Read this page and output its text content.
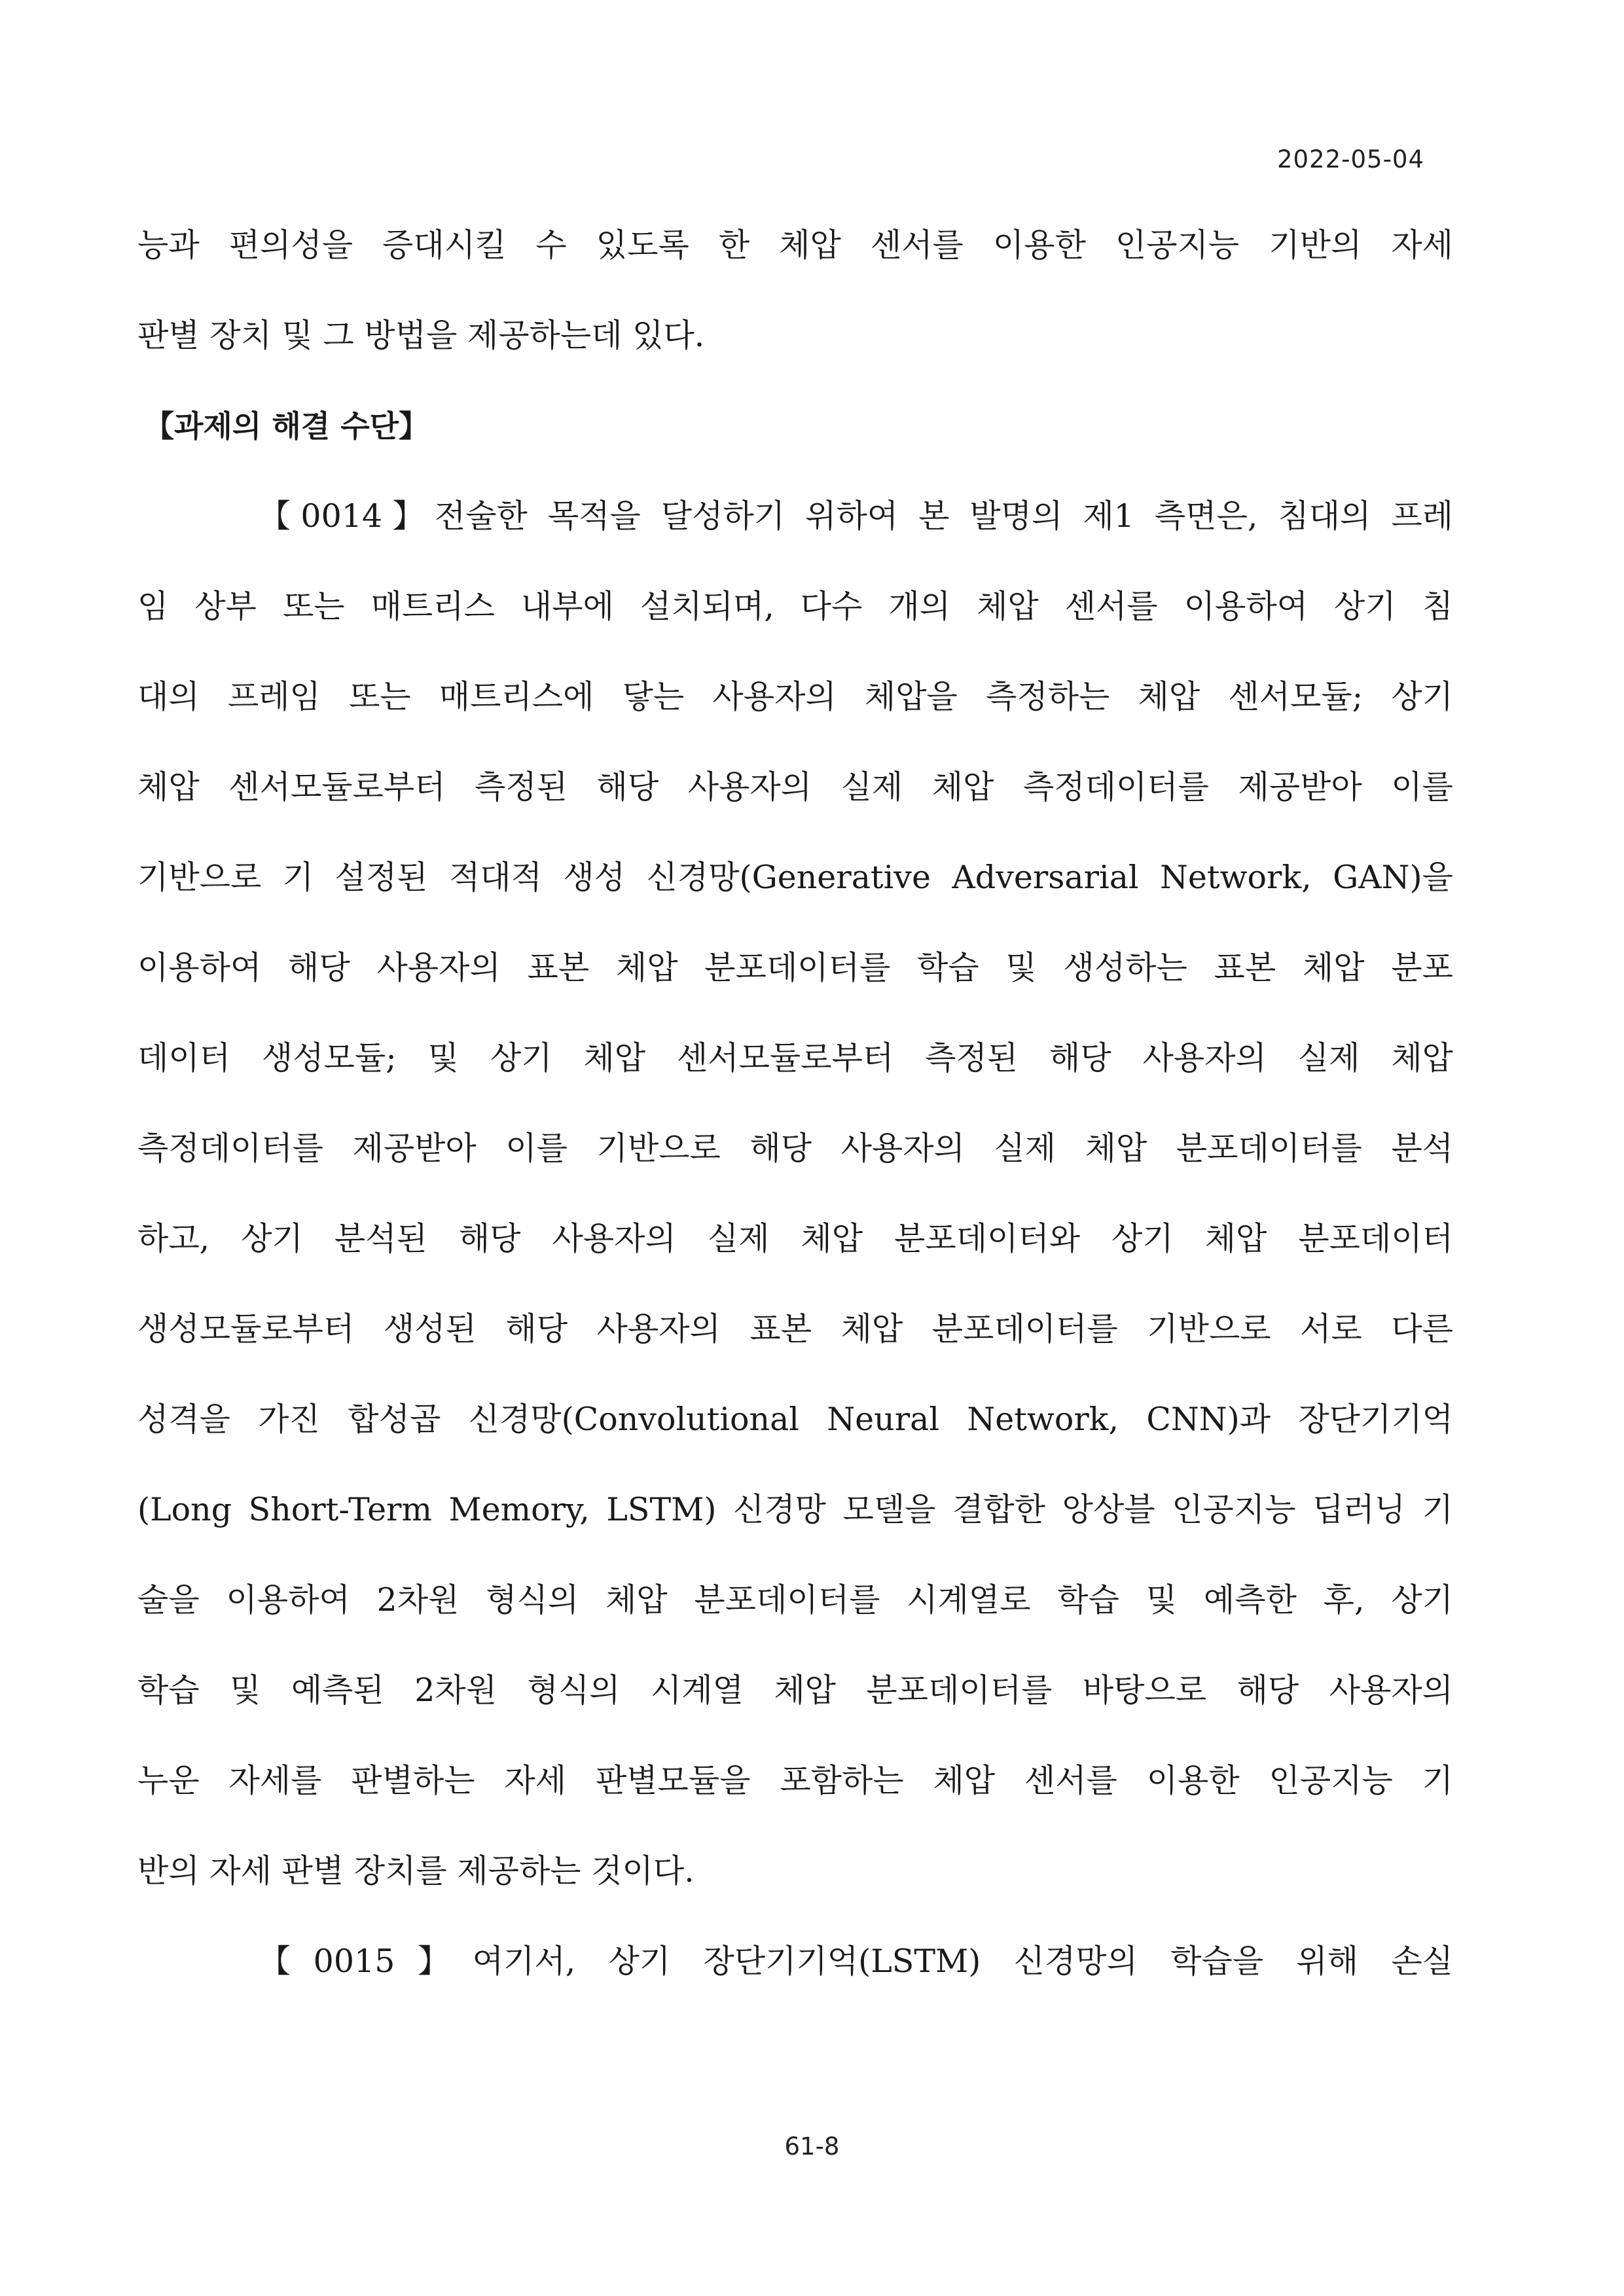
2022-05-04
능과 편의성을 증대시킬 수 있도록 한 체압 센서를 이용한 인공지능 기반의 자세
판별 장치 및 그 방법을 제공하는데 있다.
【과제의 해결 수단】
【0014】전술한 목적을 달성하기 위하여 본 발명의 제1 측면은, 침대의 프레
임 상부 또는 매트리스 내부에 설치되며, 다수 개의 체압 센서를 이용하여 상기 침
대의 프레임 또는 매트리스에 닿는 사용자의 체압을 측정하는 체압 센서모듈; 상기
체압 센서모듈로부터 측정된 해당 사용자의 실제 체압 측정데이터를 제공받아 이를
기반으로 기 설정된 적대적 생성 신경망(Generative Adversarial Network, GAN)을
이용하여 해당 사용자의 표본 체압 분포데이터를 학습 및 생성하는 표본 체압 분포
데이터 생성모듈; 및 상기 체압 센서모듈로부터 측정된 해당 사용자의 실제 체압
측정데이터를 제공받아 이를 기반으로 해당 사용자의 실제 체압 분포데이터를 분석
하고, 상기 분석된 해당 사용자의 실제 체압 분포데이터와 상기 체압 분포데이터
생성모듈로부터 생성된 해당 사용자의 표본 체압 분포데이터를 기반으로 서로 다른
성격을 가진 합성곱 신경망(Convolutional Neural Network, CNN)과 장단기기억
(Long Short-Term Memory, LSTM) 신경망 모델을 결합한 앙상블 인공지능 딥러닝 기
술을 이용하여 2차원 형식의 체압 분포데이터를 시계열로 학습 및 예측한 후, 상기
학습 및 예측된 2차원 형식의 시계열 체압 분포데이터를 바탕으로 해당 사용자의
누운 자세를 판별하는 자세 판별모듈을 포함하는 체압 센서를 이용한 인공지능 기
반의 자세 판별 장치를 제공하는 것이다.
【0015】여기서, 상기 장단기기억(LSTM) 신경망의 학습을 위해 손실
61-8
